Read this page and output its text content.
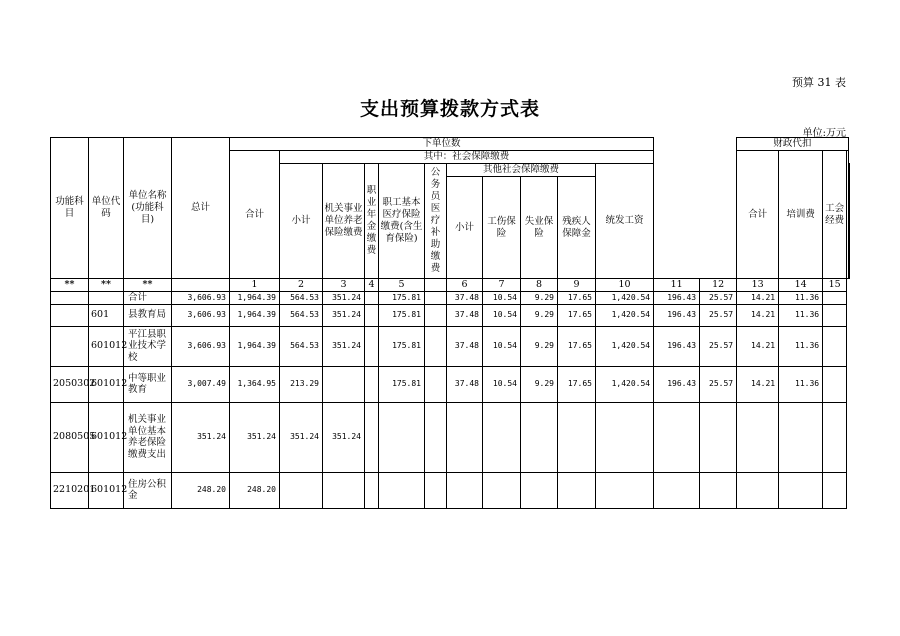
预算 31 表
支出预算拨款方式表
单位:万元
功能科目	单位代码	单位名称(功能科目)	总计	下单位数													财政代扣				
				合计	其中：社会保障缴费												合计	培训费	工会经费	

					小计	机关事业单位养老保险缴费	职业年金缴费	职工基本医疗保险缴费(含生育保险)	公务员医疗补助缴费	其他社会保障缴费				统发工资	
										小计	工伤保险	失业保险	残疾人保障金								
**	**	**		1	2	3	4	5		6	7	8	9	10	11	12	13	14	15		
		合计	3,606.93	1,964.39	564.53	351.24		175.81		37.48	10.54	9.29	17.65	1,420.54	196.43	25.57	14.21	11.36			
	601	县教育局	3,606.93	1,964.39	564.53	351.24		175.81		37.48	10.54	9.29	17.65	1,420.54	196.43	25.57	14.21	11.36			
	601012	平江县职业技术学校	3,606.93	1,964.39	564.53	351.24		175.81		37.48	10.54	9.29	17.65	1,420.54	196.43	25.57	14.21	11.36			
2050302	601012	中等职业教育	3,007.49	1,364.95	213.29			175.81		37.48	10.54	9.29	17.65	1,420.54	196.43	25.57	14.21	11.36			
2080505	601012	机关事业单位基本养老保险缴费支出	351.24	351.24	351.24	351.24															
2210201	601012	住房公积金	248.20	248.20																	
